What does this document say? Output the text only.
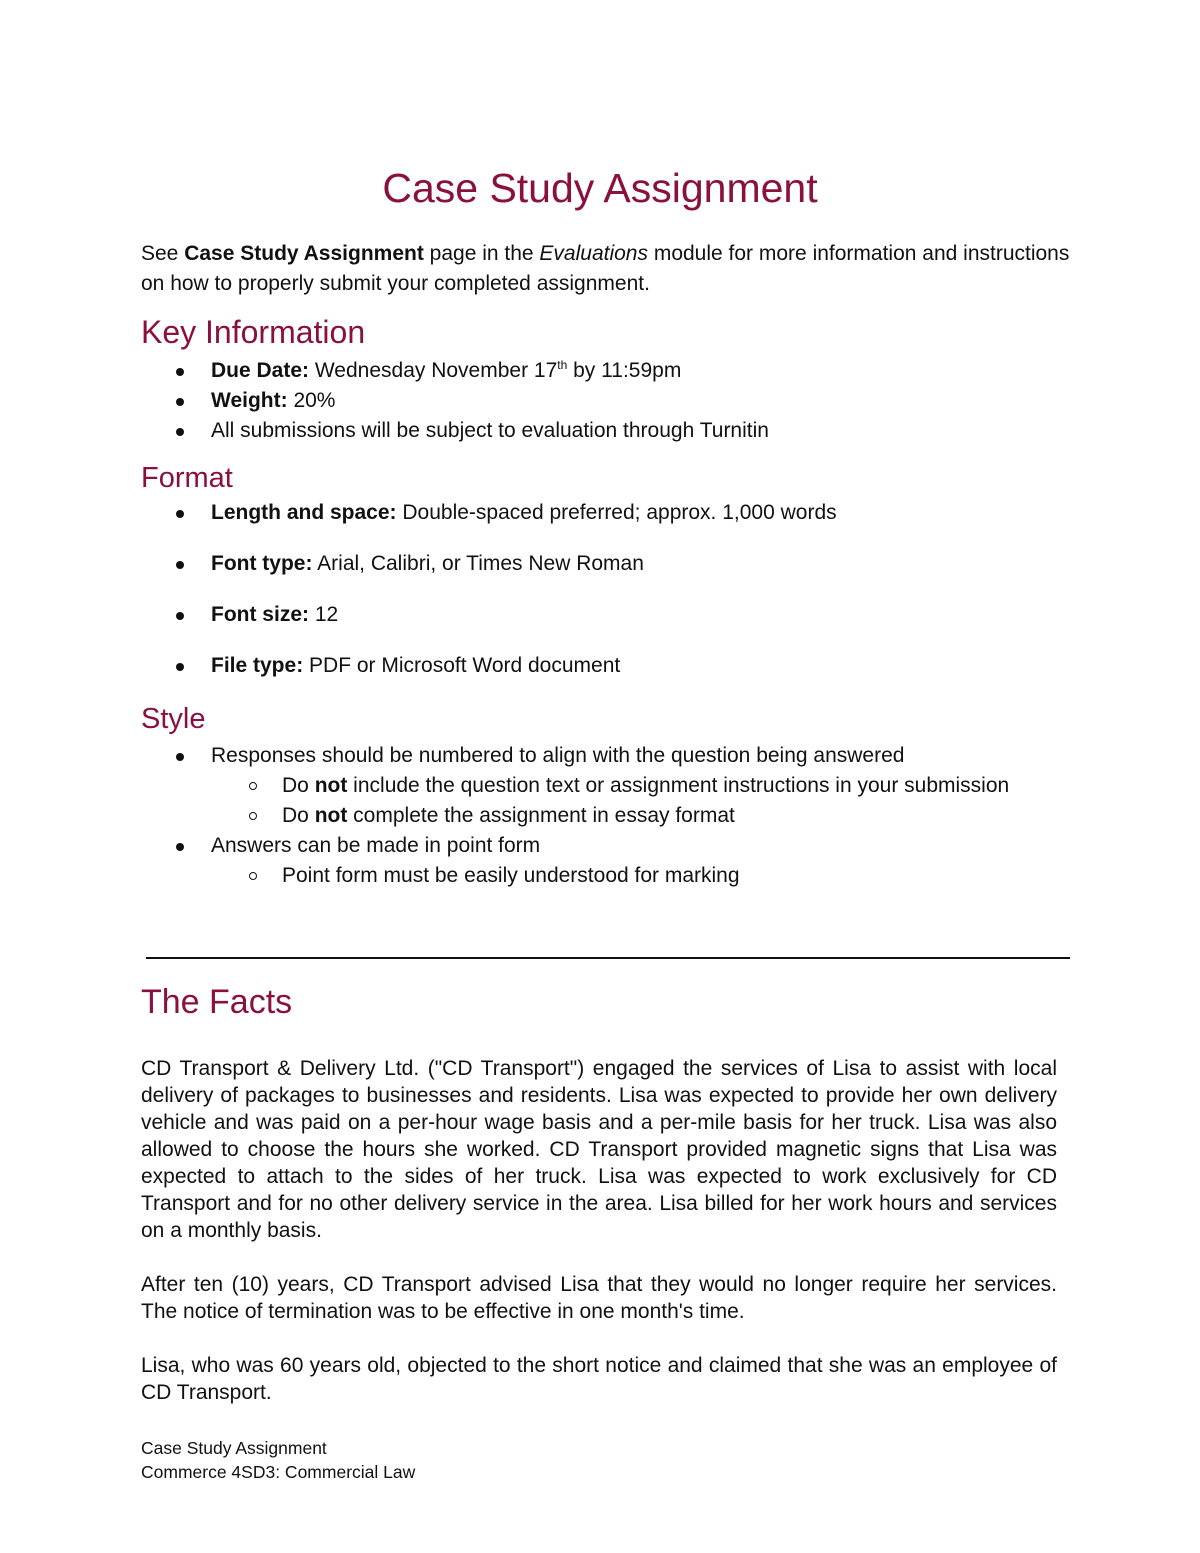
Case Study Assignment

See Case Study Assignment page in the Evaluations module for more information and instructions on how to properly submit your completed assignment.

Key Information
Due Date: Wednesday November 17th by 11:59pm
Weight: 20%
All submissions will be subject to evaluation through Turnitin
Format
Length and space: Double-spaced preferred; approx. 1,000 words
Font type: Arial, Calibri, or Times New Roman
Font size: 12
File type: PDF or Microsoft Word document
Style
Responses should be numbered to align with the question being answered
Do not include the question text or assignment instructions in your submission
Do not complete the assignment in essay format
Answers can be made in point form
Point form must be easily understood for marking
The Facts

CD Transport & Delivery Ltd. ("CD Transport") engaged the services of Lisa to assist with local delivery of packages to businesses and residents. Lisa was expected to provide her own delivery vehicle and was paid on a per-hour wage basis and a per-mile basis for her truck. Lisa was also allowed to choose the hours she worked. CD Transport provided magnetic signs that Lisa was expected to attach to the sides of her truck. Lisa was expected to work exclusively for CD Transport and for no other delivery service in the area. Lisa billed for her work hours and services on a monthly basis.

After ten (10) years, CD Transport advised Lisa that they would no longer require her services. The notice of termination was to be effective in one month's time.

Lisa, who was 60 years old, objected to the short notice and claimed that she was an employee of CD Transport.

Case Study Assignment
Commerce 4SD3: Commercial Law
